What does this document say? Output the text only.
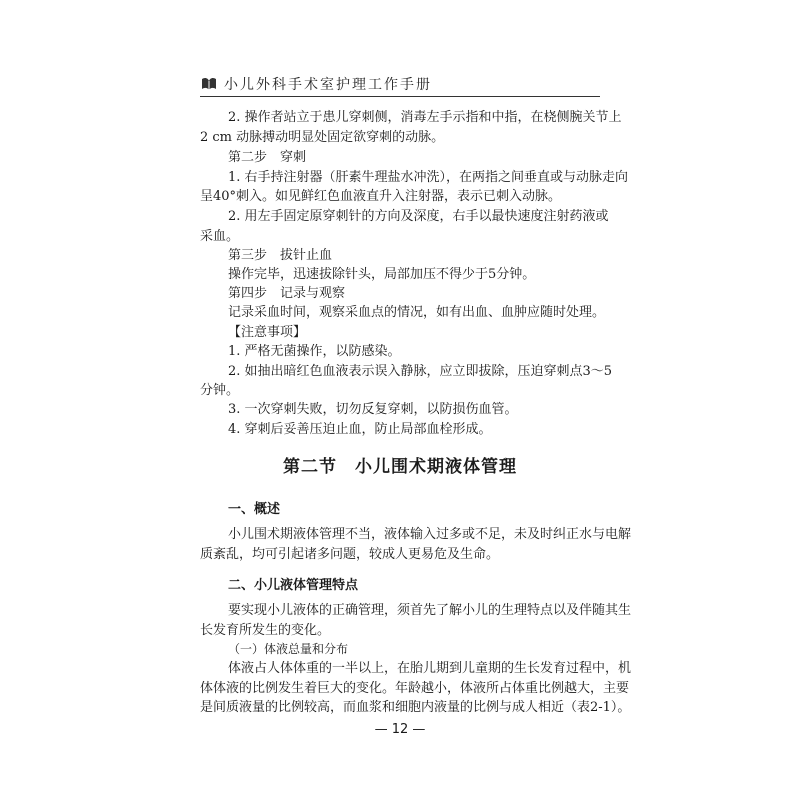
小儿外科手术室护理工作手册
2. 操作者站立于患儿穿刺侧，消毒左手示指和中指，在桡侧腕关节上
2 cm 动脉搏动明显处固定欲穿刺的动脉。
第二步　穿刺
1. 右手持注射器（肝素牛理盐水冲洗），在两指之间垂直或与动脉走向
呈40°刺入。如见鲜红色血液直升入注射器，表示已刺入动脉。
2. 用左手固定原穿刺针的方向及深度，右手以最快速度注射药液或
采血。
第三步　拔针止血
操作完毕，迅速拔除针头，局部加压不得少于5分钟。
第四步　记录与观察
记录采血时间，观察采血点的情况，如有出血、血肿应随时处理。
【注意事项】
1. 严格无菌操作，以防感染。
2. 如抽出暗红色血液表示误入静脉，应立即拔除，压迫穿刺点3～5
分钟。
3. 一次穿刺失败，切勿反复穿刺，以防损伤血管。
4. 穿刺后妥善压迫止血，防止局部血栓形成。
第二节　小儿围术期液体管理
一、概述
小儿围术期液体管理不当，液体输入过多或不足，未及时纠正水与电解
质紊乱，均可引起诸多问题，较成人更易危及生命。
二、小儿液体管理特点
要实现小儿液体的正确管理，须首先了解小儿的生理特点以及伴随其生
长发育所发生的变化。
（一）体液总量和分布
体液占人体体重的一半以上，在胎儿期到儿童期的生长发育过程中，机
体体液的比例发生着巨大的变化。年龄越小，体液所占体重比例越大，主要
是间质液量的比例较高，而血浆和细胞内液量的比例与成人相近（表2-1）。
— 12 —
